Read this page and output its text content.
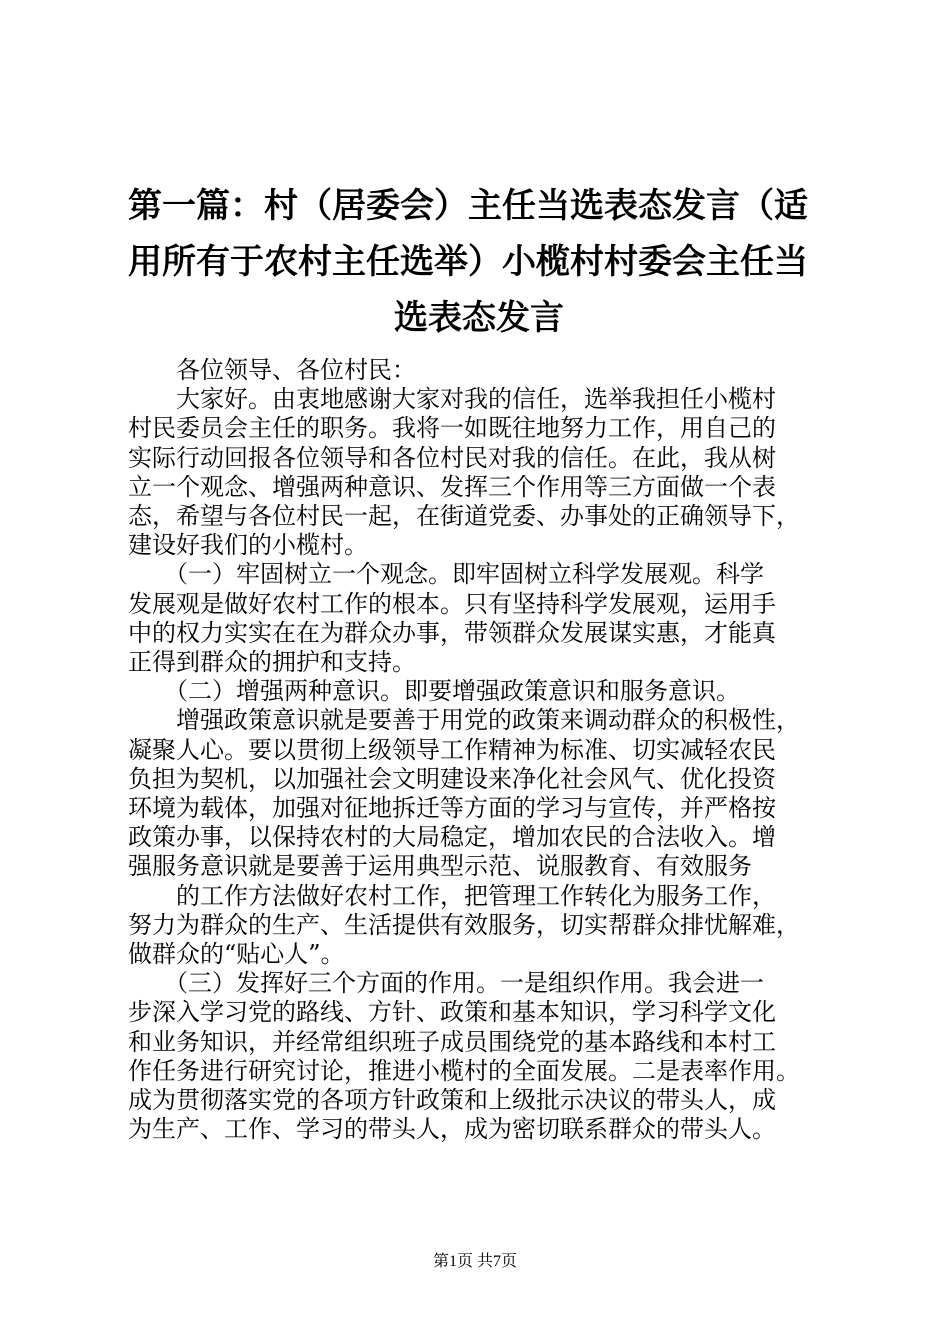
第一篇：村（居委会）主任当选表态发言（适
用所有于农村主任选举）小榄村村委会主任当
选表态发言
　　各位领导、各位村民：
　　大家好。由衷地感谢大家对我的信任，选举我担任小榄村
村民委员会主任的职务。我将一如既往地努力工作，用自己的
实际行动回报各位领导和各位村民对我的信任。在此，我从树
立一个观念、增强两种意识、发挥三个作用等三方面做一个表
态，希望与各位村民一起，在街道党委、办事处的正确领导下，
建设好我们的小榄村。
　　（一）牢固树立一个观念。即牢固树立科学发展观。科学
发展观是做好农村工作的根本。只有坚持科学发展观，运用手
中的权力实实在在为群众办事，带领群众发展谋实惠，才能真
正得到群众的拥护和支持。
　　（二）增强两种意识。即要增强政策意识和服务意识。
　　增强政策意识就是要善于用党的政策来调动群众的积极性，
凝聚人心。要以贯彻上级领导工作精神为标准、切实减轻农民
负担为契机，以加强社会文明建设来净化社会风气、优化投资
环境为载体，加强对征地拆迁等方面的学习与宣传，并严格按
政策办事，以保持农村的大局稳定，增加农民的合法收入。增
强服务意识就是要善于运用典型示范、说服教育、有效服务
　　的工作方法做好农村工作，把管理工作转化为服务工作，
努力为群众的生产、生活提供有效服务，切实帮群众排忧解难，
做群众的“贴心人”。
　　（三）发挥好三个方面的作用。一是组织作用。我会进一
步深入学习党的路线、方针、政策和基本知识，学习科学文化
和业务知识，并经常组织班子成员围绕党的基本路线和本村工
作任务进行研究讨论，推进小榄村的全面发展。二是表率作用。
成为贯彻落实党的各项方针政策和上级批示决议的带头人，成
为生产、工作、学习的带头人，成为密切联系群众的带头人。
第1页 共7页
